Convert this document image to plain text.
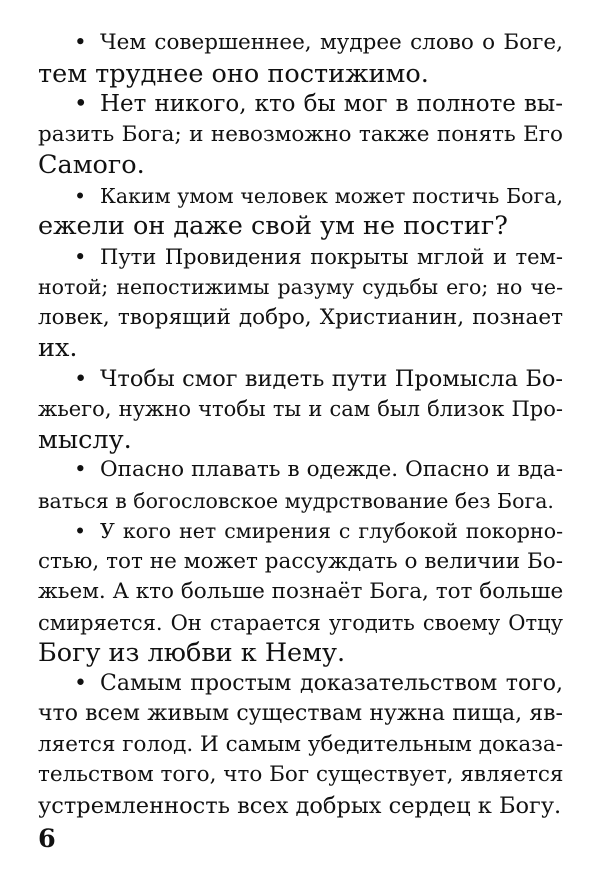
• Чем совершеннее, мудрее слово о Боге,
тем труднее оно постижимо.

• Нет никого, кто бы мог в полноте вы-
разить Бога; и невозможно также понять Его
Самого.

• Каким умом человек может постичь Бога,
ежели он даже свой ум не постиг?

• Пути Провидения покрыты мглой и тем-
нотой; непостижимы разуму судьбы его; но че-
ловек, творящий добро, Христианин, познает
их.

• Чтобы смог видеть пути Промысла Бо-
жьего, нужно чтобы ты и сам был близок Про-
мыслу.

• Опасно плавать в одежде. Опасно и вда-
ваться в богословское мудрствование без Бога.

• У кого нет смирения с глубокой покорно-
стью, тот не может рассуждать о величии Бо-
жьем. А кто больше познаёт Бога, тот больше
смиряется. Он старается угодить своему Отцу
Богу из любви к Нему.

• Самым простым доказательством того,
что всем живым существам нужна пища, яв-
ляется голод. И самым убедительным доказа-
тельством того, что Бог существует, является
устремленность всех добрых сердец к Богу.

6
